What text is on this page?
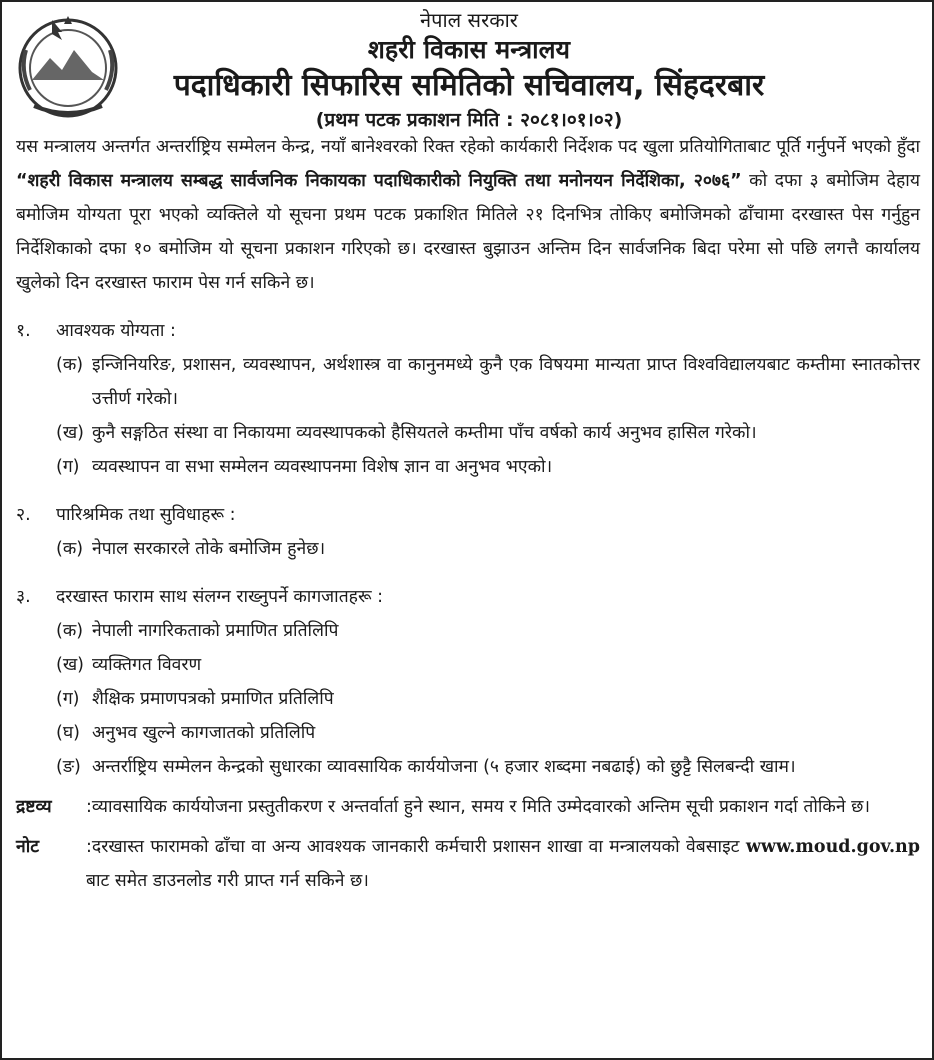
नेपाल सरकार
शहरी विकास मन्त्रालय
पदाधिकारी सिफारिस समितिको सचिवालय, सिंहदरबार
(प्रथम पटक प्रकाशन मिति : २०८१।०१।०२)

यस मन्त्रालय अन्तर्गत अन्तर्राष्ट्रिय सम्मेलन केन्द्र, नयाँ बानेश्वरको रिक्त रहेको कार्यकारी निर्देशक पद खुला प्रतियोगिताबाट पूर्ति गर्नुपर्ने भएको हुँदा “शहरी विकास मन्त्रालय सम्बद्ध सार्वजनिक निकायका पदाधिकारीको नियुक्ति तथा मनोनयन निर्देशिका, २०७६” को दफा ३ बमोजिम देहाय बमोजिम योग्यता पूरा भएको व्यक्तिले यो सूचना प्रथम पटक प्रकाशित मितिले २१ दिनभित्र तोकिए बमोजिमको ढाँचामा दरखास्त पेस गर्नुहुन निर्देशिकाको दफा १० बमोजिम यो सूचना प्रकाशन गरिएको छ। दरखास्त बुझाउन अन्तिम दिन सार्वजनिक बिदा परेमा सो पछि लगत्तै कार्यालय खुलेको दिन दरखास्त फाराम पेस गर्न सकिने छ।

१.	आवश्यक योग्यता :
(क) इन्जिनियरिङ, प्रशासन, व्यवस्थापन, अर्थशास्त्र वा कानुनमध्ये कुनै एक विषयमा मान्यता प्राप्त विश्वविद्यालयबाट कम्तीमा स्नातकोत्तर उत्तीर्ण गरेको।
(ख) कुनै सङ्गठित संस्था वा निकायमा व्यवस्थापकको हैसियतले कम्तीमा पाँच वर्षको कार्य अनुभव हासिल गरेको।
(ग) व्यवस्थापन वा सभा सम्मेलन व्यवस्थापनमा विशेष ज्ञान वा अनुभव भएको।
२.	पारिश्रमिक तथा सुविधाहरू :
(क) नेपाल सरकारले तोके बमोजिम हुनेछ।
३.	दरखास्त फाराम साथ संलग्न राख्नुपर्ने कागजातहरू :
(क) नेपाली नागरिकताको प्रमाणित प्रतिलिपि
(ख) व्यक्तिगत विवरण
(ग) शैक्षिक प्रमाणपत्रको प्रमाणित प्रतिलिपि
(घ) अनुभव खुल्ने कागजातको प्रतिलिपि
(ङ) अन्तर्राष्ट्रिय सम्मेलन केन्द्रको सुधारका व्यावसायिक कार्ययोजना (५ हजार शब्दमा नबढाई) को छुट्टै सिलबन्दी खाम।
द्रष्टव्य	:व्यावसायिक कार्ययोजना प्रस्तुतीकरण र अन्तर्वार्ता हुने स्थान, समय र मिति उम्मेदवारको अन्तिम सूची प्रकाशन गर्दा तोकिने छ।
नोट	:दरखास्त फारामको ढाँचा वा अन्य आवश्यक जानकारी कर्मचारी प्रशासन शाखा वा मन्त्रालयको वेबसाइट www.moud.gov.np बाट समेत डाउनलोड गरी प्राप्त गर्न सकिने छ।
